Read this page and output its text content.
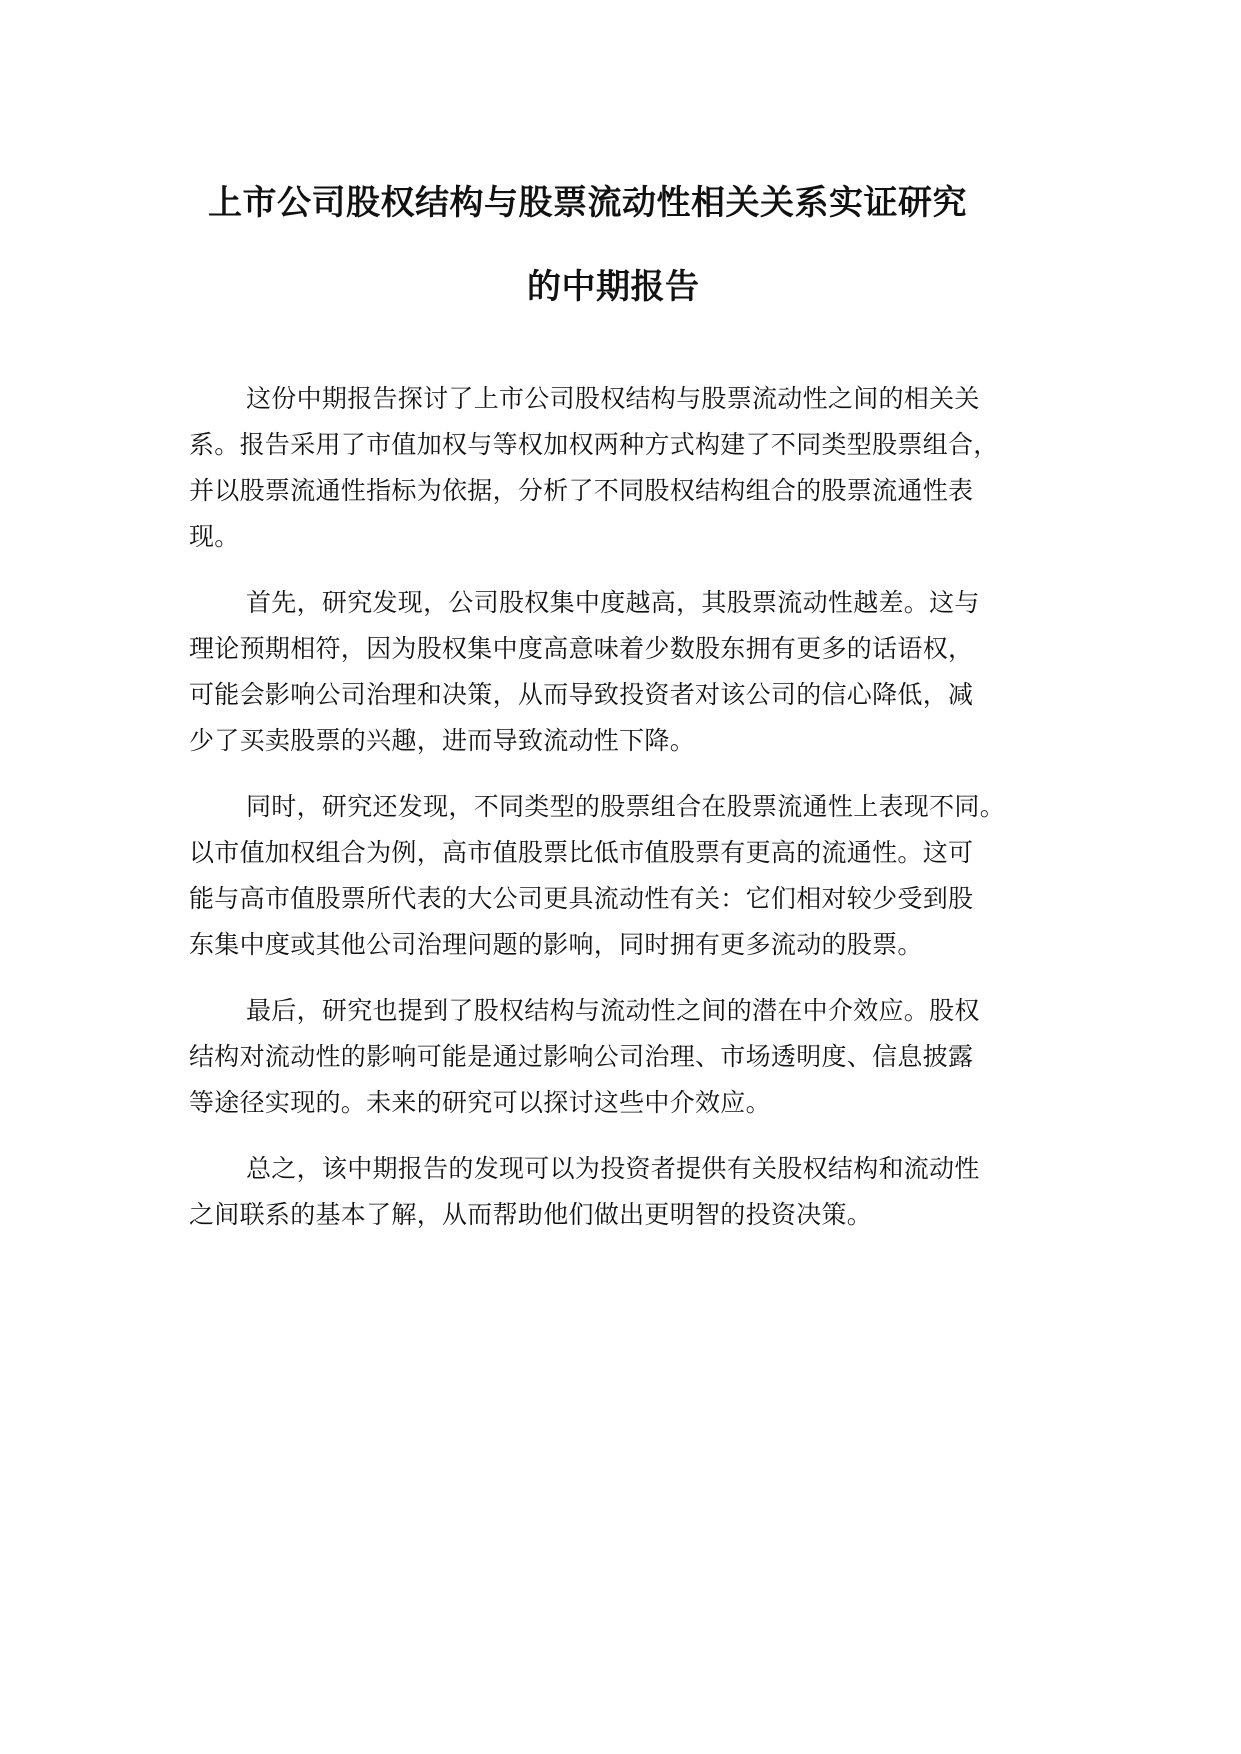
上市公司股权结构与股票流动性相关关系实证研究
的中期报告
这份中期报告探讨了上市公司股权结构与股票流动性之间的相关关
系。报告采用了市值加权与等权加权两种方式构建了不同类型股票组合，
并以股票流通性指标为依据，分析了不同股权结构组合的股票流通性表
现。
首先，研究发现，公司股权集中度越高，其股票流动性越差。这与
理论预期相符，因为股权集中度高意味着少数股东拥有更多的话语权，
可能会影响公司治理和决策，从而导致投资者对该公司的信心降低，减
少了买卖股票的兴趣，进而导致流动性下降。
同时，研究还发现，不同类型的股票组合在股票流通性上表现不同。
以市值加权组合为例，高市值股票比低市值股票有更高的流通性。这可
能与高市值股票所代表的大公司更具流动性有关：它们相对较少受到股
东集中度或其他公司治理问题的影响，同时拥有更多流动的股票。
最后，研究也提到了股权结构与流动性之间的潜在中介效应。股权
结构对流动性的影响可能是通过影响公司治理、市场透明度、信息披露
等途径实现的。未来的研究可以探讨这些中介效应。
总之，该中期报告的发现可以为投资者提供有关股权结构和流动性
之间联系的基本了解，从而帮助他们做出更明智的投资决策。
